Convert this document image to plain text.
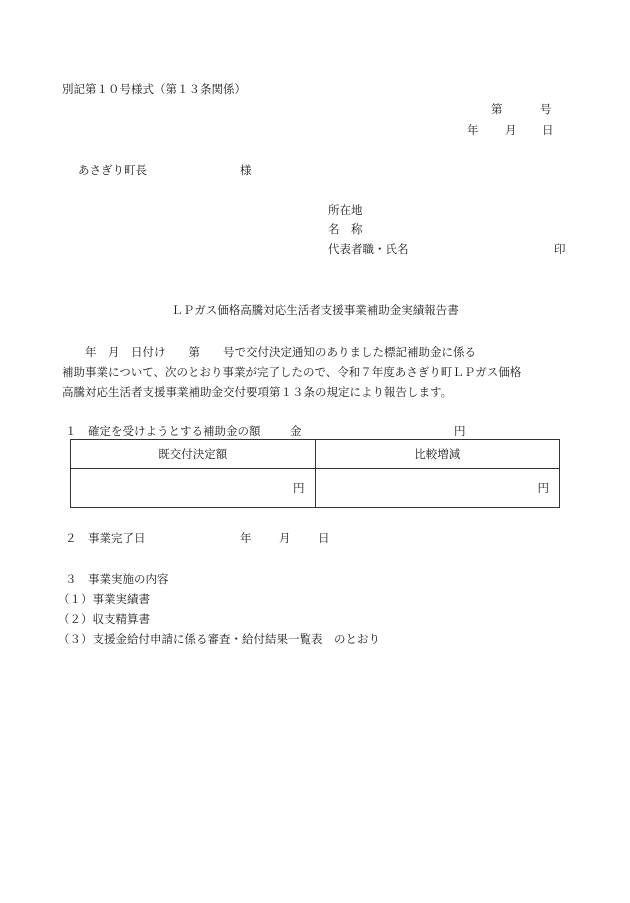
別記第１０号様式（第１３条関係）
第	号
年 月 日
あさぎり町長	様
所在地
名　称
代表者職・氏名	印
ＬＰガス価格高騰対応生活者支援事業補助金実績報告書

　　年　月　日付け　　第　　号で交付決定通知のありました標記補助金に係る

補助事業について、次のとおり事業が完了したので、令和７年度あさぎり町ＬＰガス価格

高騰対応生活者支援事業補助金交付要項第１３条の規定により報告します。

１ 確定を受けようとする補助金の額	金	円
既交付決定額	比較増減
円	円
２ 事業完了日	年 月 日
３ 事業実施の内容
（１）事業実績書
（２）収支精算書
（３）支援金給付申請に係る審査・給付結果一覧表　のとおり
